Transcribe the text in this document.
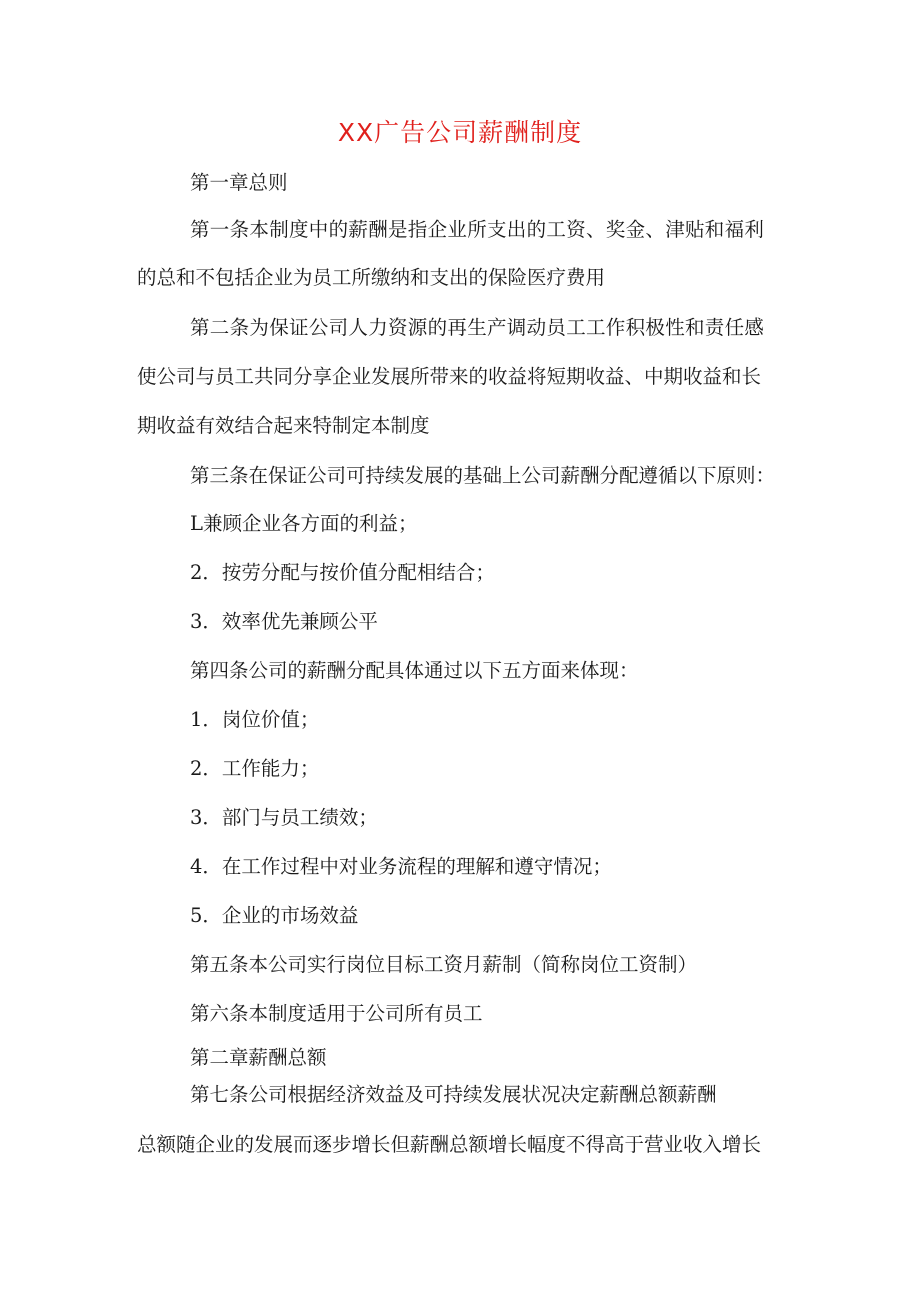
XX广告公司薪酬制度
第一章总则
第一条本制度中的薪酬是指企业所支出的工资、奖金、津贴和福利
的总和不包括企业为员工所缴纳和支出的保险医疗费用
第二条为保证公司人力资源的再生产调动员工工作积极性和责任感
使公司与员工共同分享企业发展所带来的收益将短期收益、中期收益和长
期收益有效结合起来特制定本制度
第三条在保证公司可持续发展的基础上公司薪酬分配遵循以下原则：
L兼顾企业各方面的利益；
2．按劳分配与按价值分配相结合；
3．效率优先兼顾公平
第四条公司的薪酬分配具体通过以下五方面来体现：
1．岗位价值；
2．工作能力；
3．部门与员工绩效；
4．在工作过程中对业务流程的理解和遵守情况；
5．企业的市场效益
第五条本公司实行岗位目标工资月薪制（简称岗位工资制）
第六条本制度适用于公司所有员工
第二章薪酬总额
第七条公司根据经济效益及可持续发展状况决定薪酬总额薪酬
总额随企业的发展而逐步增长但薪酬总额增长幅度不得高于营业收入增长
